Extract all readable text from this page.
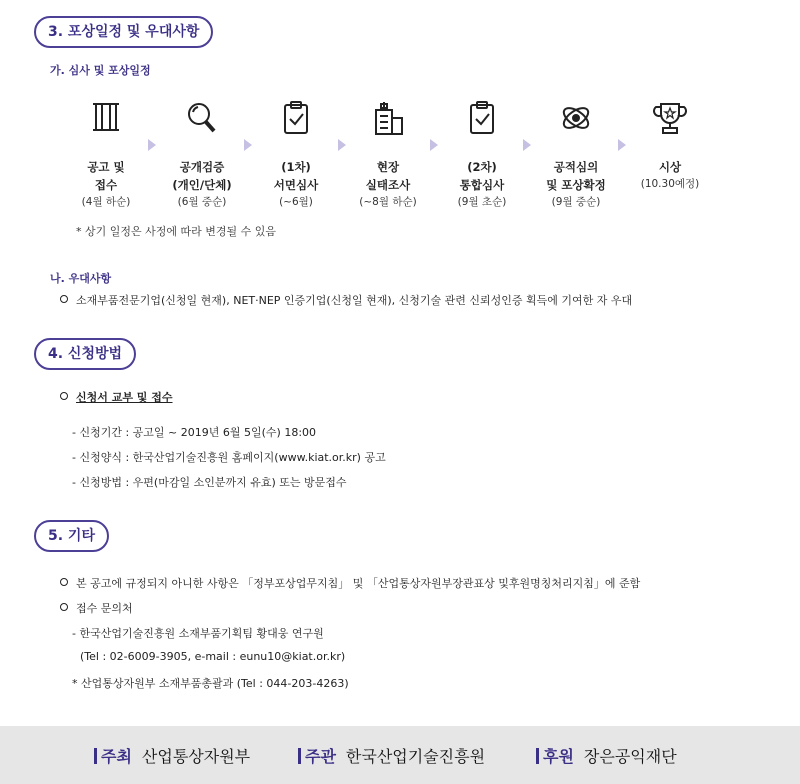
3. 포상일정 및 우대사항
가. 심사 및 포상일정
공고 및
접수
(4월 하순)
공개검증
(개인/단체)
(6월 중순)
(1차)
서면심사
(~6월)
현장
실태조사
(~8월 하순)
(2차)
통합심사
(9월 초순)
공적심의
및 포상확정
(9월 중순)
시상
(10.30예정)
* 상기 일정은 사정에 따라 변경될 수 있음
나. 우대사항
소재부품전문기업(신청일 현재), NET·NEP 인증기업(신청일 현재), 신청기술 관련 신뢰성인증 획득에 기여한 자 우대
4. 신청방법
신청서 교부 및 접수
- 신청기간 : 공고일 ~ 2019년 6월 5일(수) 18:00
- 신청양식 : 한국산업기술진흥원 홈페이지(www.kiat.or.kr) 공고
- 신청방법 : 우편(마감일 소인분까지 유효) 또는 방문접수
5. 기타
본 공고에 규정되지 아니한 사항은 「정부포상업무지침」 및 「산업통상자원부장관표상 및후원명칭처리지침」에 준함
접수 문의처
- 한국산업기술진흥원 소재부품기획팀 황대웅 연구원
(Tel : 02-6009-3905, e-mail : eunu10@kiat.or.kr)
* 산업통상자원부 소재부품총괄과 (Tel : 044-203-4263)
주최 산업통상자원부	주관 한국산업기술진흥원	후원 장은공익재단
